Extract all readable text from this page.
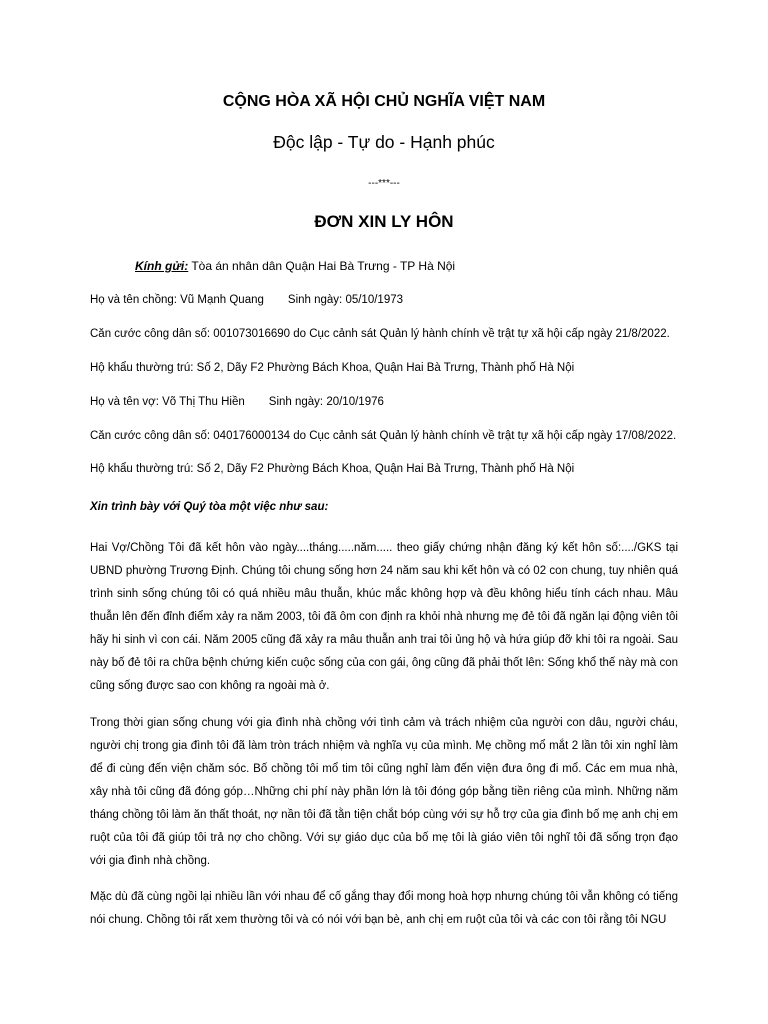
CỘNG HÒA XÃ HỘI CHỦ NGHĨA VIỆT NAM
Độc lập - Tự do - Hạnh phúc
---***---
ĐƠN XIN LY HÔN
Kính gửi: Tòa án nhân dân Quận Hai Bà Trưng - TP Hà Nội
Họ và tên chồng: Vũ Mạnh Quang Sinh ngày: 05/10/1973
Căn cước công dân số: 001073016690 do Cục cảnh sát Quản lý hành chính về trật tự xã hội cấp ngày 21/8/2022.
Hộ khẩu thường trú: Số 2, Dãy F2 Phường Bách Khoa, Quận Hai Bà Trưng, Thành phố Hà Nội
Họ và tên vợ: Võ Thị Thu Hiền Sinh ngày: 20/10/1976
Căn cước công dân số: 040176000134 do Cục cảnh sát Quản lý hành chính về trật tự xã hội cấp ngày 17/08/2022.
Hộ khẩu thường trú: Số 2, Dãy F2 Phường Bách Khoa, Quận Hai Bà Trưng, Thành phố Hà Nội
Xin trình bày với Quý tòa một việc như sau:

Hai Vợ/Chồng Tôi đã kết hôn vào ngày....tháng.....năm..... theo giấy chứng nhận đăng ký kết hôn số:..../GKS tại UBND phường Trương Định. Chúng tôi chung sống hơn 24 năm sau khi kết hôn và có 02 con chung, tuy nhiên quá trình sinh sống chúng tôi có quá nhiều mâu thuẫn, khúc mắc không hợp và đều không hiểu tính cách nhau. Mâu thuẫn lên đến đỉnh điểm xảy ra năm 2003, tôi đã ôm con định ra khỏi nhà nhưng mẹ đẻ tôi đã ngăn lại động viên tôi hãy hi sinh vì con cái. Năm 2005 cũng đã xảy ra mâu thuẫn anh trai tôi ủng hộ và hứa giúp đỡ khi tôi ra ngoài. Sau này bố đẻ tôi ra chữa bệnh chứng kiến cuộc sống của con gái, ông cũng đã phải thốt lên: Sống khổ thế này mà con cũng sống được sao con không ra ngoài mà ở.

Trong thời gian sống chung với gia đình nhà chồng với tình cảm và trách nhiệm của người con dâu, người cháu, người chị trong gia đình tôi đã làm tròn trách nhiệm và nghĩa vụ của mình. Mẹ chồng mổ mắt 2 lần tôi xin nghỉ làm để đi cùng đến viện chăm sóc. Bố chồng tôi mổ tim tôi cũng nghỉ làm đến viện đưa ông đi mổ. Các em mua nhà, xây nhà tôi cũng đã đóng góp…Những chi phí này phần lớn là tôi đóng góp bằng tiền riêng của mình. Những năm tháng chồng tôi làm ăn thất thoát, nợ nần tôi đã tằn tiện chắt bóp cùng với sự hỗ trợ của gia đình bố mẹ anh chị em ruột của tôi đã giúp tôi trả nợ cho chồng. Với sự giáo dục của bố mẹ tôi là giáo viên tôi nghĩ tôi đã sống trọn đạo với gia đình nhà chồng.

Mặc dù đã cùng ngồi lại nhiều lần với nhau để cố gắng thay đổi mong hoà hợp nhưng chúng tôi vẫn không có tiếng nói chung. Chồng tôi rất xem thường tôi và có nói với bạn bè, anh chị em ruột của tôi và các con tôi rằng tôi NGU
